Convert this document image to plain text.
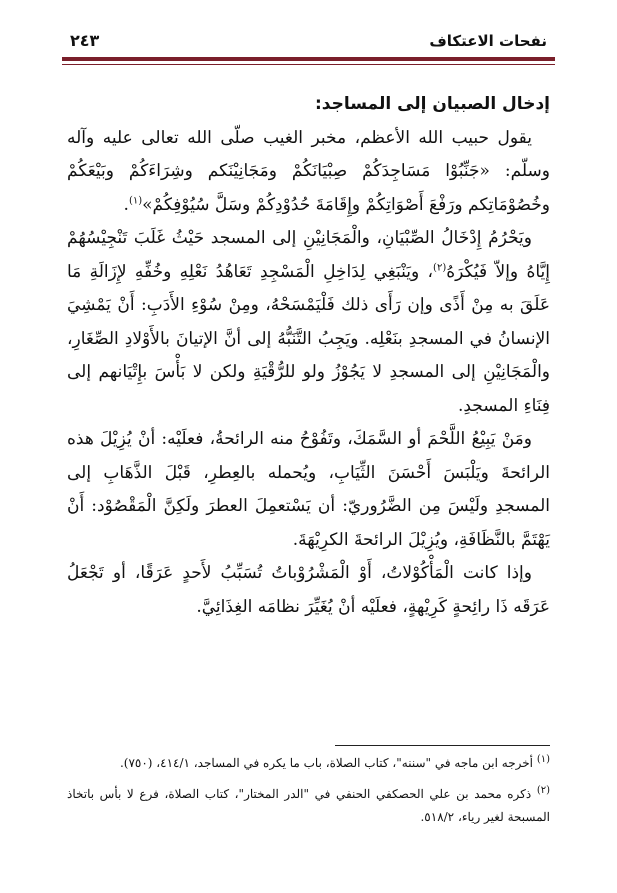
نفحات الاعتكاف
٢٤٣

إدخال الصبيان إلى المساجد:

يقول حبيب الله الأعظم، مخبر الغيب صلّى الله تعالى عليه وآله وسلّم: «جَنِّبُوْا مَسَاجِدَكُمْ صِبْيَانَكُمْ ومَجَانِيْنَكم وشِرَاءَكُمْ وبَيْعَكُمْ وخُصُوْمَاتِكم ورَفْعَ أَصْوَاتِكُمْ وإِقَامَةَ حُدُوْدِكُمْ وسَلَّ سُيُوْفِكُمْ»$^{(١)}$.

ويَحْرُمُ إِدْخَالُ الصِّبْيَانِ، والْمَجَانِيْنِ إلى المسجد حَيْثُ غَلَبَ تَنْجِيْسُهُمْ إِيَّاهُ وإلاّ فَيُكْرَهُ$^{(٢)}$، ويَنْبَغِي لِدَاخِلِ الْمَسْجِدِ تَعَاهُدُ نَعْلِهِ وخُفِّهِ لإِزَالَةِ مَا عَلَقَ به مِنْ أَذًى وإن رَأَى ذلك فَلْيَمْسَحْهُ، ومِنْ سُوْءِ الأَدَبِ: أَنْ يَمْشِيَ الإنسانُ في المسجدِ بنَعْلِه. ويَجِبُ التَّنَبُّهُ إلى أنَّ الإتيانَ بالأَوْلادِ الصِّغَارِ، والْمَجَانِيْنِ إلى المسجدِ لا يَجُوْزُ ولو للرُّقْيَةِ ولكن لا بَأْسَ بإِتْيَانهم إلى فِنَاءِ المسجدِ.

ومَنْ يَبِيْعُ اللَّحْمَ أو السَّمَكَ، وتَفُوْحُ منه الرائحةُ، فعلَيْه: أنْ يُزِيْلَ هذه الرائحةَ ويَلْبَسَ أَحْسَنَ الثِّيَابِ، ويُحمله بالعِطرِ، قَبْلَ الذَّهَابِ إلى المسجدِ ولَيْسَ مِن الضَّرُوريّ: أن يَسْتعمِلَ العطرَ ولَكِنَّ الْمَقْصُوْد: أَنْ يَهْتَمَّ بالنَّظَافَةِ، ويُزِيْلَ الرائحةَ الكرِيْهَةَ.

وإذا كانت الْمَأْكُوْلاتُ، أَوْ الْمَشْرُوْباتُ تُسَبِّبُ لأَحدٍ عَرَقًا، أو تَجْعَلُ عَرَقَه ذَا رائِحةٍ كَرِيْهةٍ، فعلَيْه أنْ يُغَيِّرَ نظامَه الغِذَائِيَّ.

$^{(١)}$ أخرجه ابن ماجه في "سننه"، كتاب الصلاة، باب ما يكره في المساجد، ٤١٤/١، (٧٥٠).

$^{(٢)}$ ذكره محمد بن علي الحصكفي الحنفي في "الدر المختار"، كتاب الصلاة، فرع لا بأس باتخاذ المسبحة لغير رياء، ٥١٨/٢.
